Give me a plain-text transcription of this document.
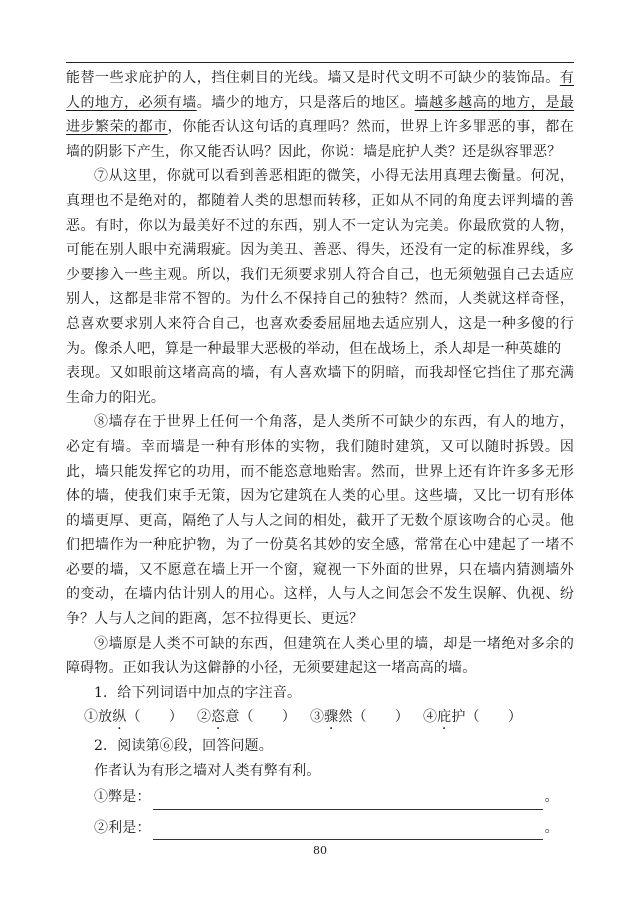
能替一些求庇护的人，挡住刺目的光线。墙又是时代文明不可缺少的装饰品。有人的地方，必须有墙。墙少的地方，只是落后的地区。墙越多越高的地方，是最进步繁荣的都市，你能否认这句话的真理吗？然而，世界上许多罪恶的事，都在墙的阴影下产生，你又能否认吗？因此，你说：墙是庇护人类？还是纵容罪恶？

⑦从这里，你就可以看到善恶相距的微笑，小得无法用真理去衡量。何况，真理也不是绝对的，都随着人类的思想而转移，正如从不同的角度去评判墙的善恶。有时，你以为最美好不过的东西，别人不一定认为完美。你最欣赏的人物，可能在别人眼中充满瑕疵。因为美丑、善恶、得失，还没有一定的标准界线，多少要掺入一些主观。所以，我们无须要求别人符合自己，也无须勉强自己去适应别人，这都是非常不智的。为什么不保持自己的独特？然而，人类就这样奇怪，总喜欢要求别人来符合自己，也喜欢委委屈屈地去适应别人，这是一种多傻的行为。像杀人吧，算是一种最罪大恶极的举动，但在战场上，杀人却是一种英雄的

表现。又如眼前这堵高高的墙，有人喜欢墙下的阴暗，而我却怪它挡住了那充满生命力的阳光。

⑧墙存在于世界上任何一个角落，是人类所不可缺少的东西，有人的地方，必定有墙。幸而墙是一种有形体的实物，我们随时建筑，又可以随时拆毁。因此，墙只能发挥它的功用，而不能恣意地贻害。然而，世界上还有许许多多无形体的墙，使我们束手无策，因为它建筑在人类的心里。这些墙，又比一切有形体的墙更厚、更高，隔绝了人与人之间的相处，截开了无数个原该吻合的心灵。他们把墙作为一种庇护物，为了一份莫名其妙的安全感，常常在心中建起了一堵不必要的墙，又不愿意在墙上开一个窗，窥视一下外面的世界，只在墙内猜测墙外的变动，在墙内估计别人的用心。这样，人与人之间怎会不发生误解、仇视、纷争？人与人之间的距离，怎不拉得更长、更远？

⑨墙原是人类不可缺的东西，但建筑在人类心里的墙，却是一堵绝对多余的障碍物。正如我认为这僻静的小径，无须要建起这一堵高高的墙。

1．给下列词语中加点的字注音。

①放纵（　　） ②恣意（　　） ③骤然（　　） ④庇护（　　）

2．阅读第⑥段，回答问题。

作者认为有形之墙对人类有弊有利。

①弊是：	。
②利是：	。
80
